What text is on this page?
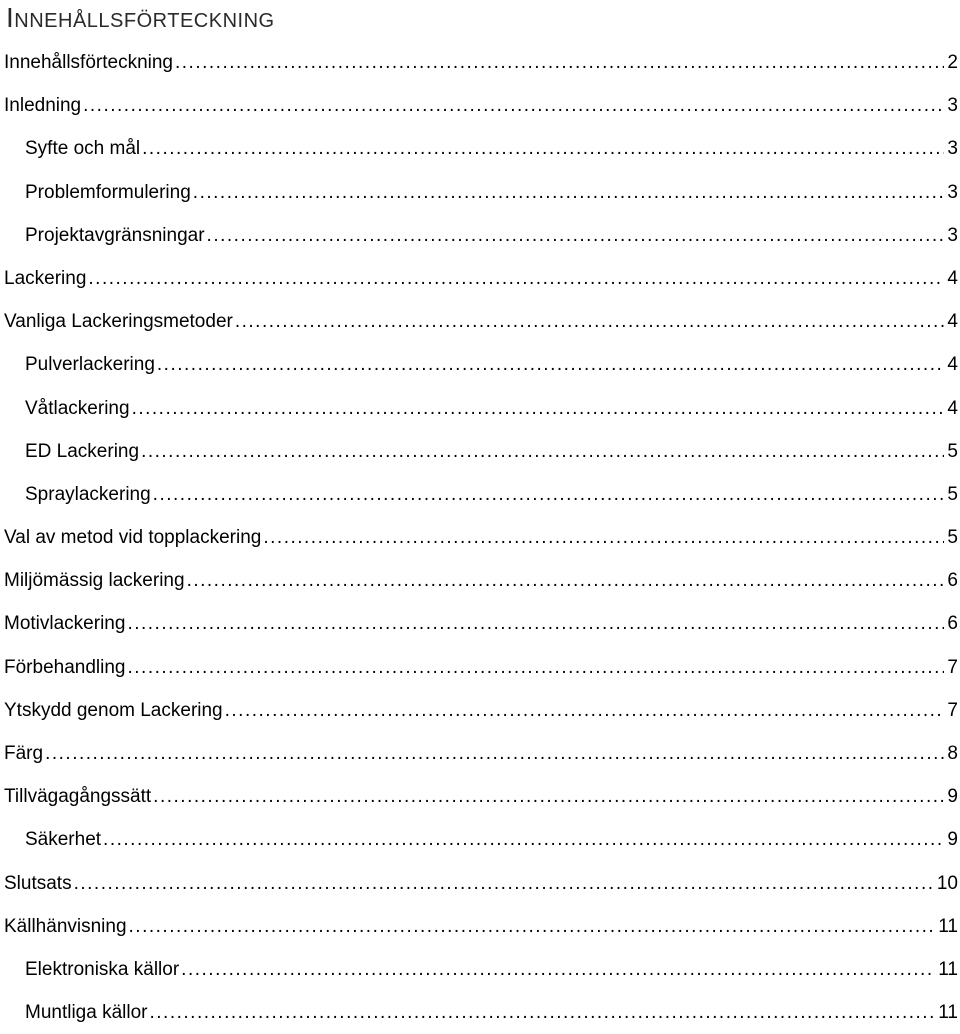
Innehållsförteckning
Innehållsförteckning .....	2
Inledning .....	3
Syfte och mål .....	3
Problemformulering .....	3
Projektavgränsningar .....	3
Lackering .....	4
Vanliga Lackeringsmetoder .....	4
Pulverlackering .....	4
Våtlackering .....	4
ED Lackering .....	5
Spraylackering .....	5
Val av metod vid topplackering .....	5
Miljömässig lackering .....	6
Motivlackering .....	6
Förbehandling .....	7
Ytskydd genom Lackering .....	7
Färg .....	8
Tillvägagångssätt .....	9
Säkerhet .....	9
Slutsats .....	10
Källhänvisning .....	11
Elektroniska källor .....	11
Muntliga källor .....	11
